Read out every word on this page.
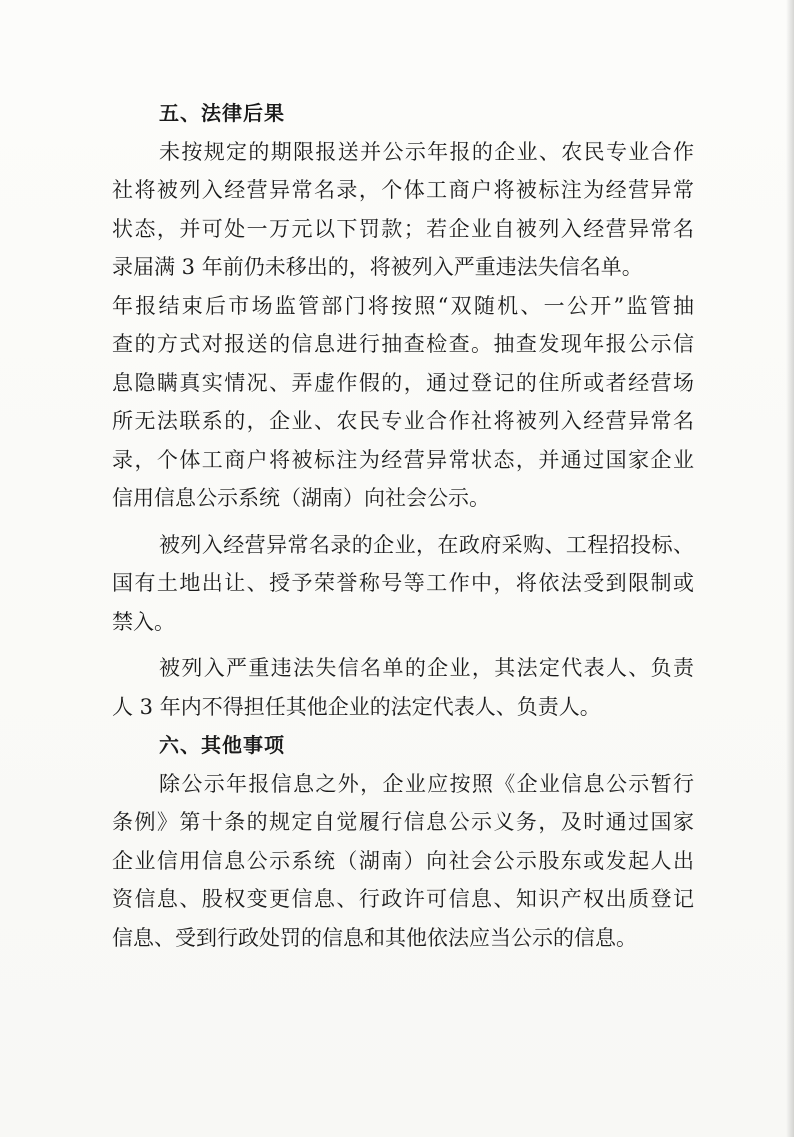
五、法律后果
未按规定的期限报送并公示年报的企业、农民专业合作
社将被列入经营异常名录，个体工商户将被标注为经营异常
状态，并可处一万元以下罚款；若企业自被列入经营异常名
录届满 3 年前仍未移出的，将被列入严重违法失信名单。
年报结束后市场监管部门将按照“双随机、一公开”监管抽
查的方式对报送的信息进行抽查检查。抽查发现年报公示信
息隐瞒真实情况、弄虚作假的，通过登记的住所或者经营场
所无法联系的，企业、农民专业合作社将被列入经营异常名
录，个体工商户将被标注为经营异常状态，并通过国家企业
信用信息公示系统（湖南）向社会公示。
被列入经营异常名录的企业，在政府采购、工程招投标、
国有土地出让、授予荣誉称号等工作中，将依法受到限制或
禁入。
被列入严重违法失信名单的企业，其法定代表人、负责
人 3 年内不得担任其他企业的法定代表人、负责人。
六、其他事项
除公示年报信息之外，企业应按照《企业信息公示暂行
条例》第十条的规定自觉履行信息公示义务，及时通过国家
企业信用信息公示系统（湖南）向社会公示股东或发起人出
资信息、股权变更信息、行政许可信息、知识产权出质登记
信息、受到行政处罚的信息和其他依法应当公示的信息。
